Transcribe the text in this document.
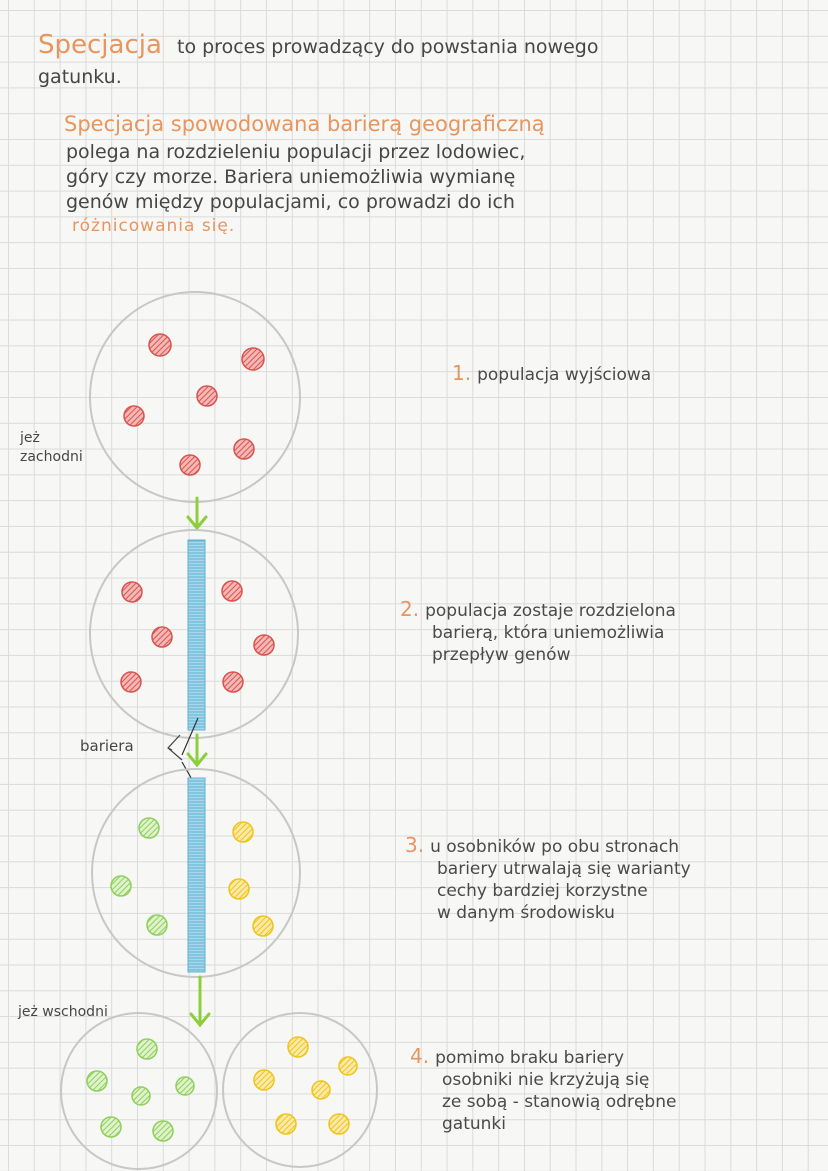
Specjacja to proces prowadzący do powstania nowego
gatunku.
Specjacja spowodowana barierą geograficzną
polega na rozdzieleniu populacji przez lodowiec,
góry czy morze. Bariera uniemożliwia wymianę
genów między populacjami, co prowadzi do ich
różnicowania się.
jeż
zachodni
bariera
jeż wschodni
1. populacja wyjściowa
2. populacja zostaje rozdzielona
barierą, która uniemożliwia
przepływ genów
3. u osobników po obu stronach
bariery utrwalają się warianty
cechy bardziej korzystne
w danym środowisku
4. pomimo braku bariery
osobniki nie krzyżują się
ze sobą - stanowią odrębne
gatunki
